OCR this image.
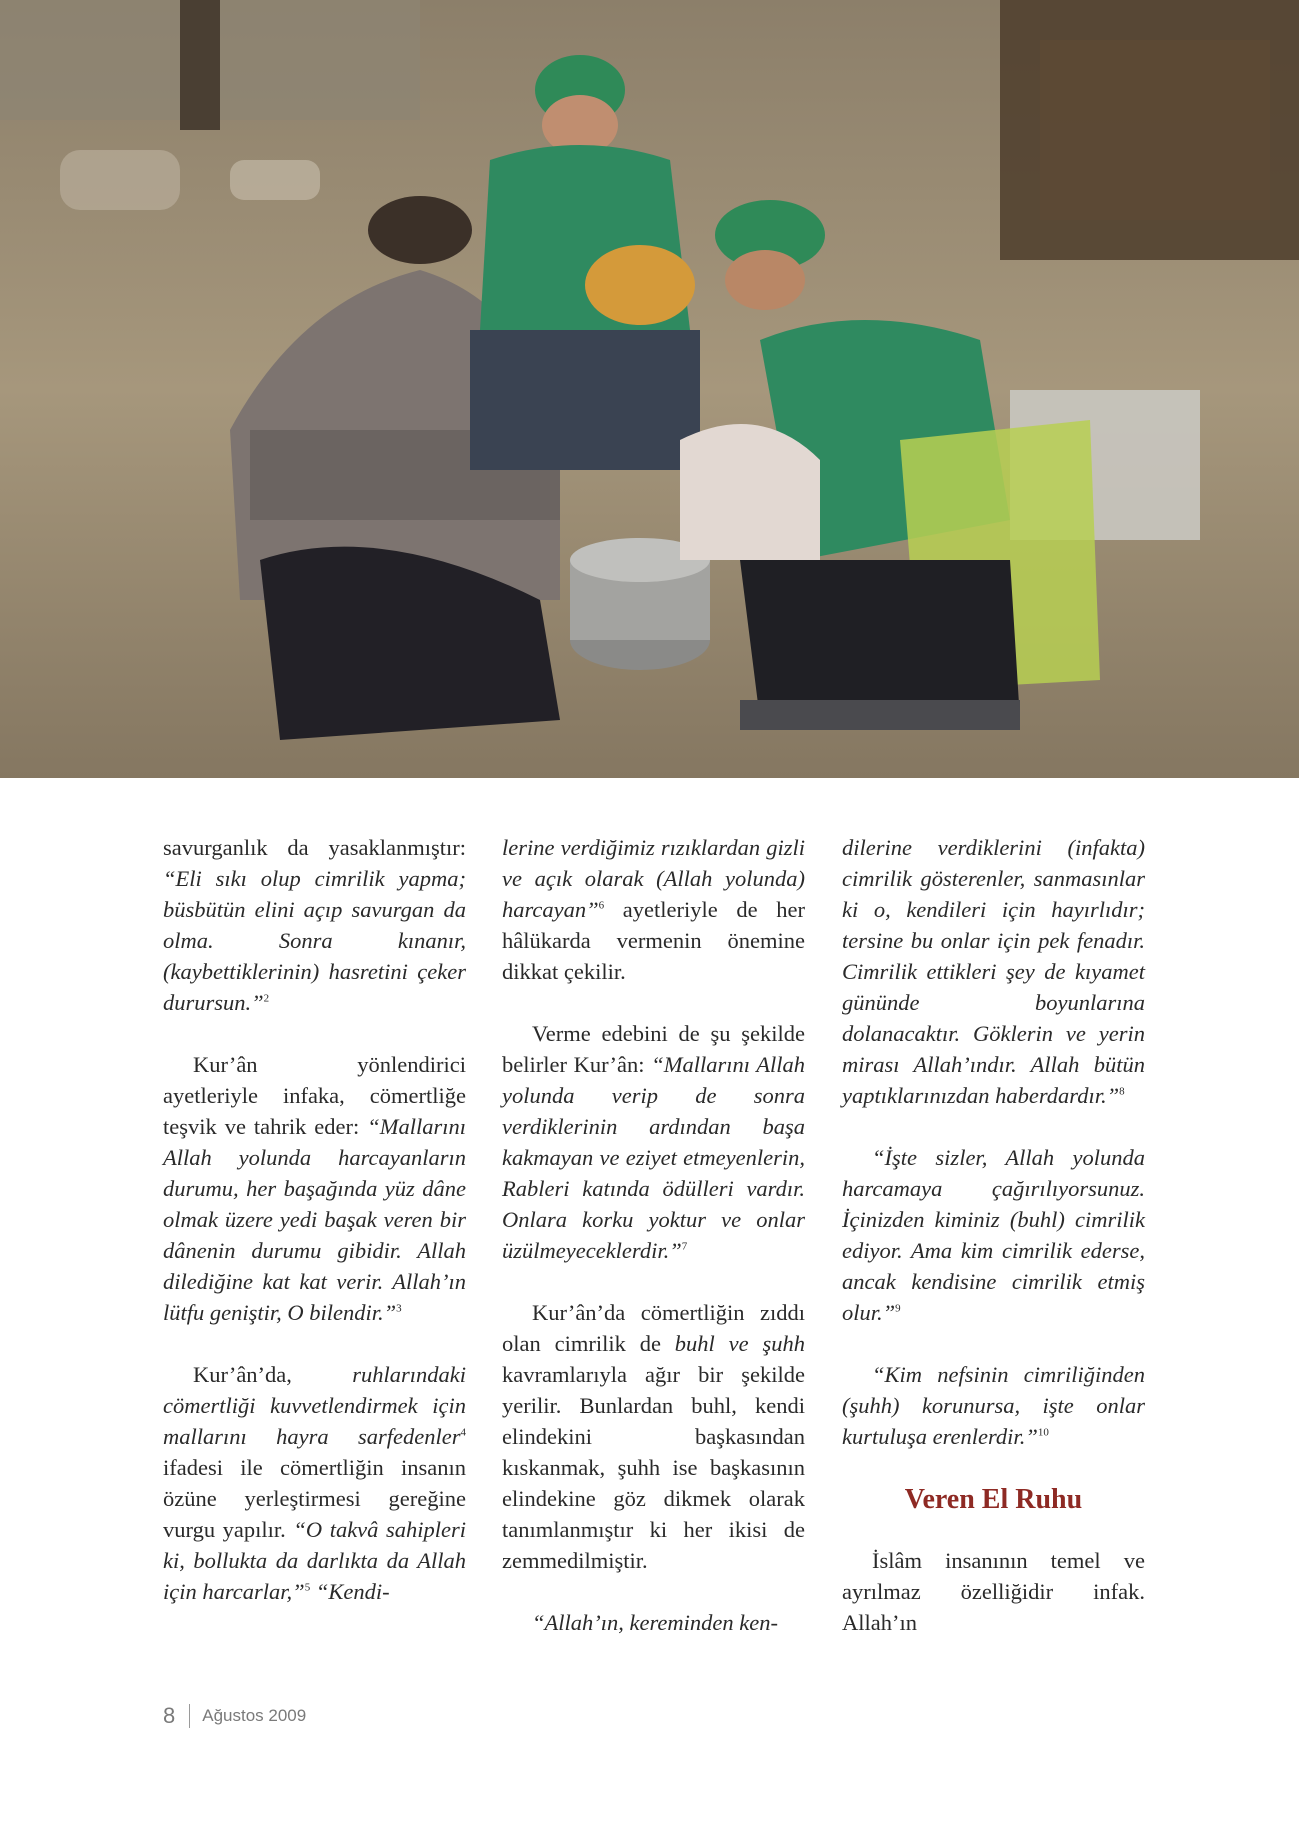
savurganlık da yasaklanmıştır: “Eli sıkı olup cimrilik yapma; büsbütün elini açıp savurgan da olma. Sonra kınanır, (kaybettiklerinin) hasretini çeker durursun.”$^2$

Kur’ân yönlendirici ayetleriyle infaka, cömertliğe teşvik ve tahrik eder: “Mallarını Allah yolunda harcayanların durumu, her başağında yüz dâne olmak üzere yedi başak veren bir dânenin durumu gibidir. Allah dilediğine kat kat verir. Allah’ın lütfu geniştir, O bilendir.”$^3$

Kur’ân’da, ruhlarındaki cömertliği kuvvetlendirmek için mallarını hayra sarfedenler$^4$ ifadesi ile cömertliğin insanın özüne yerleştirmesi gereğine vurgu yapılır. “O takvâ sahipleri ki, bollukta da darlıkta da Allah için harcarlar,”$^5$ “Kendi-

lerine verdiğimiz rızıklardan gizli ve açık olarak (Allah yolunda) harcayan”$^6$ ayetleriyle de her hâlükarda vermenin önemine dikkat çekilir.

Verme edebini de şu şekilde belirler Kur’ân: “Mallarını Allah yolunda verip de sonra verdiklerinin ardından başa kakmayan ve eziyet etmeyenlerin, Rableri katında ödülleri vardır. Onlara korku yoktur ve onlar üzülmeyeceklerdir.”$^7$

Kur’ân’da cömertliğin zıddı olan cimrilik de buhl ve şuhh kavramlarıyla ağır bir şekilde yerilir. Bunlardan buhl, kendi elindekini başkasından kıskanmak, şuhh ise başkasının elindekine göz dikmek olarak tanımlanmıştır ki her ikisi de zemmedilmiştir.

“Allah’ın, kereminden ken-

dilerine verdiklerini (infakta) cimrilik gösterenler, sanmasınlar ki o, kendileri için hayırlıdır; tersine bu onlar için pek fenadır. Cimrilik ettikleri şey de kıyamet gününde boyunlarına dolanacaktır. Göklerin ve yerin mirası Allah’ındır. Allah bütün yaptıklarınızdan haberdardır.”$^8$

“İşte sizler, Allah yolunda harcamaya çağırılıyorsunuz. İçinizden kiminiz (buhl) cimrilik ediyor. Ama kim cimrilik ederse, ancak kendisine cimrilik etmiş olur.”$^9$

“Kim nefsinin cimriliğinden (şuhh) korunursa, işte onlar kurtuluşa erenlerdir.”$^{10}$

Veren El Ruhu

İslâm insanının temel ve ayrılmaz özelliğidir infak. Allah’ın

8 Ağustos 2009
